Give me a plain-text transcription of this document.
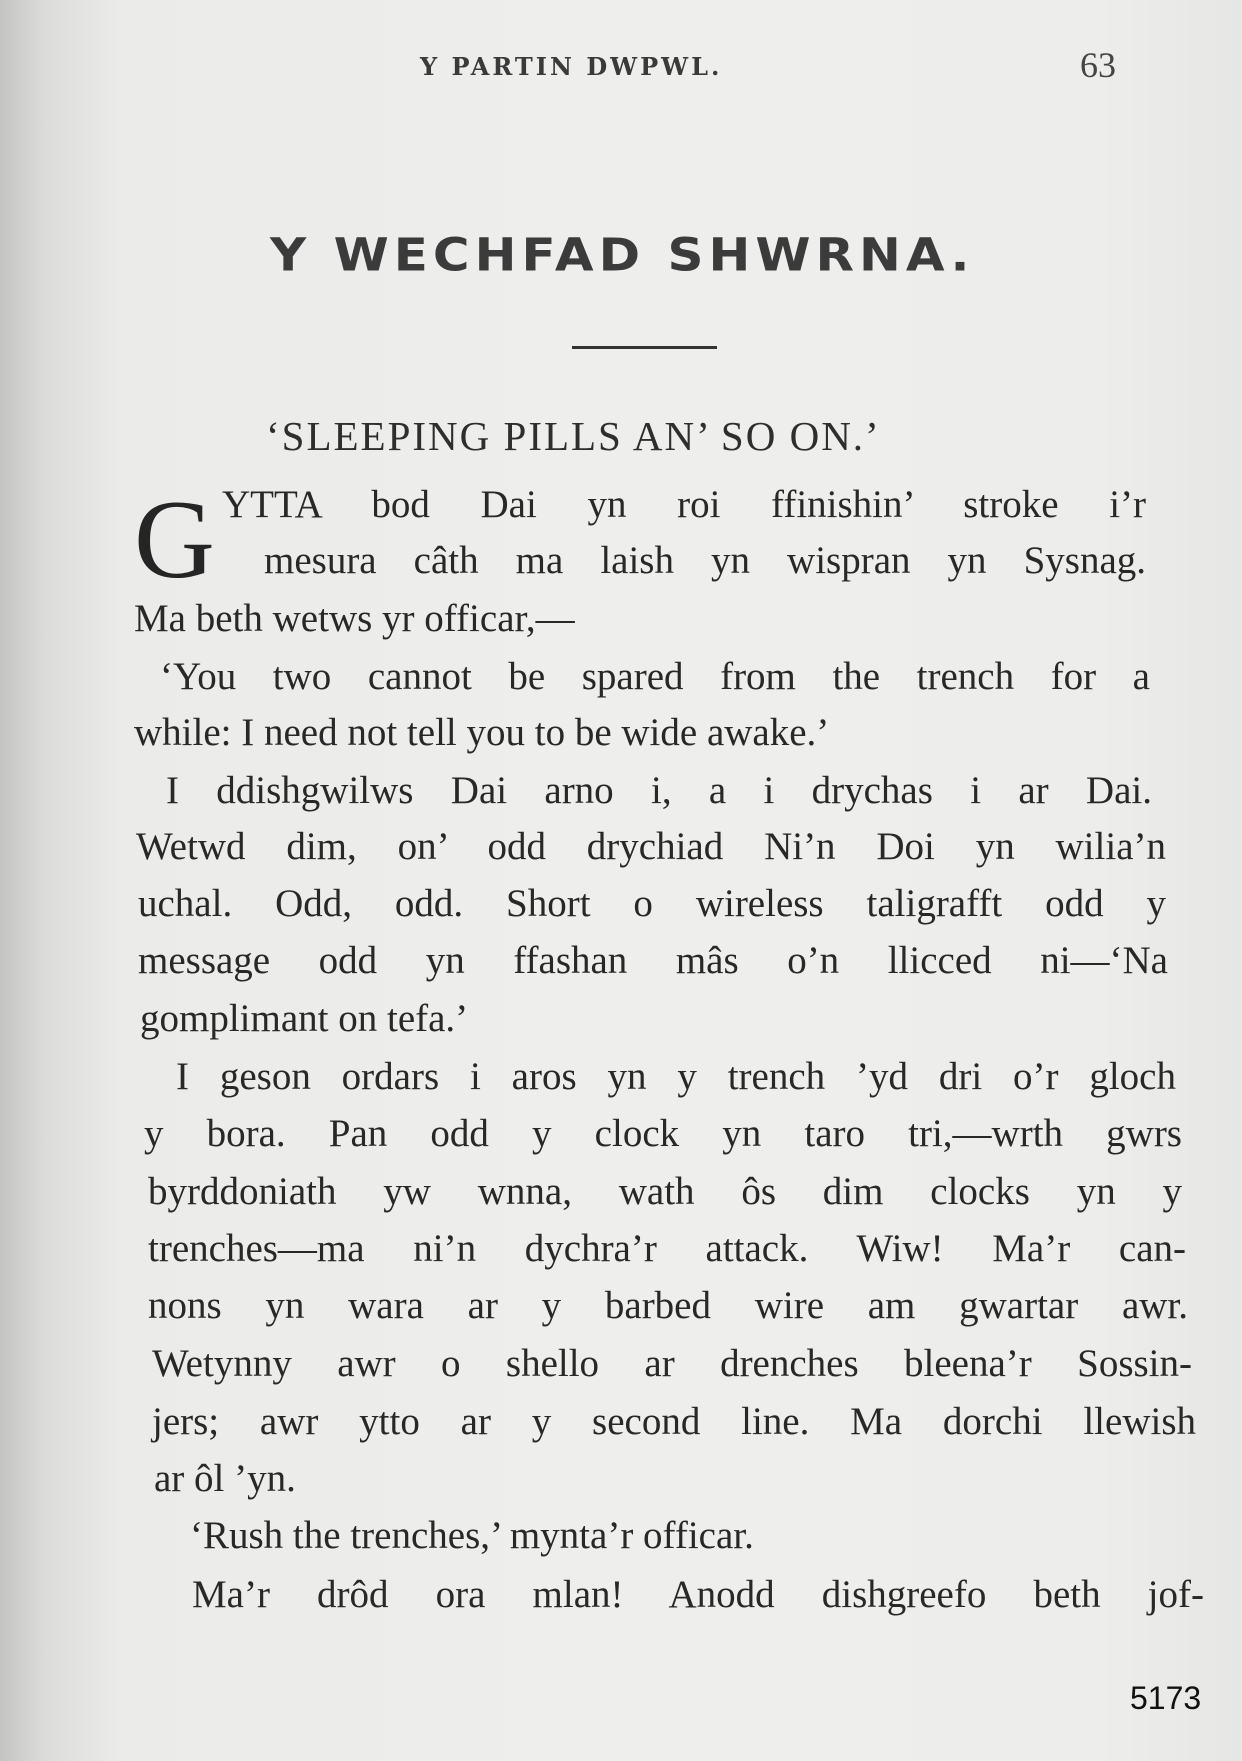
Y PARTIN DWPWL.	63
Y WECHFAD SHWRNA.
‘SLEEPING PILLS AN’ SO ON.’
G YTTA bod Dai yn roi ffinishin’ stroke i’r
mesura câth ma laish yn wispran yn Sysnag.
Ma beth wetws yr officar,—
‘You two cannot be spared from the trench for a
while: I need not tell you to be wide awake.’
I ddishgwilws Dai arno i, a i drychas i ar Dai.
Wetwd dim, on’ odd drychiad Ni’n Doi yn wilia’n
uchal. Odd, odd. Short o wireless taligrafft odd y
message odd yn ffashan mâs o’n llicced ni—‘Na
gomplimant on tefa.’
I geson ordars i aros yn y trench ’yd dri o’r gloch
y bora. Pan odd y clock yn taro tri,—wrth gwrs
byrddoniath yw wnna, wath ôs dim clocks yn y
trenches—ma ni’n dychra’r attack. Wiw! Ma’r can-
nons yn wara ar y barbed wire am gwartar awr.
Wetynny awr o shello ar drenches bleena’r Sossin-
jers; awr ytto ar y second line. Ma dorchi llewish
ar ôl ’yn.
‘Rush the trenches,’ mynta’r officar.
Ma’r drôd ora mlan! Anodd dishgreefo beth jof-
5173
